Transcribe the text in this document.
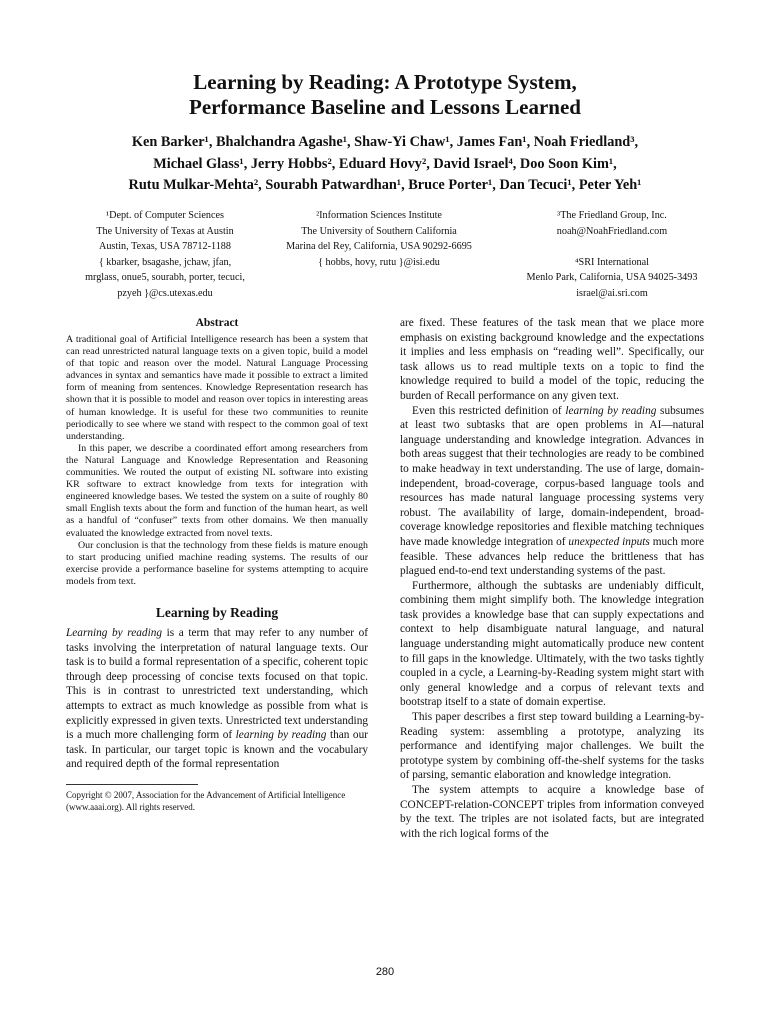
Learning by Reading: A Prototype System,
Performance Baseline and Lessons Learned
Ken Barker¹, Bhalchandra Agashe¹, Shaw-Yi Chaw¹, James Fan¹, Noah Friedland³,
Michael Glass¹, Jerry Hobbs², Eduard Hovy², David Israel⁴, Doo Soon Kim¹,
Rutu Mulkar-Mehta², Sourabh Patwardhan¹, Bruce Porter¹, Dan Tecuci¹, Peter Yeh¹
¹Dept. of Computer Sciences
The University of Texas at Austin
Austin, Texas, USA 78712-1188
{ kbarker, bsagashe, jchaw, jfan,
mrglass, onue5, sourabh, porter, tecuci,
pzyeh }@cs.utexas.edu
²Information Sciences Institute
The University of Southern California
Marina del Rey, California, USA 90292-6695
{ hobbs, hovy, rutu }@isi.edu
³The Friedland Group, Inc.
noah@NoahFriedland.com
⁴SRI International
Menlo Park, California, USA 94025-3493
israel@ai.sri.com
Abstract

A traditional goal of Artificial Intelligence research has been a system that can read unrestricted natural language texts on a given topic, build a model of that topic and reason over the model. Natural Language Processing advances in syntax and semantics have made it possible to extract a limited form of meaning from sentences. Knowledge Representation research has shown that it is possible to model and reason over topics in interesting areas of human knowledge. It is useful for these two communities to reunite periodically to see where we stand with respect to the common goal of text understanding.

In this paper, we describe a coordinated effort among researchers from the Natural Language and Knowledge Representation and Reasoning communities. We routed the output of existing NL software into existing KR software to extract knowledge from texts for integration with engineered knowledge bases. We tested the system on a suite of roughly 80 small English texts about the form and function of the human heart, as well as a handful of “confuser” texts from other domains. We then manually evaluated the knowledge extracted from novel texts.

Our conclusion is that the technology from these fields is mature enough to start producing unified machine reading systems. The results of our exercise provide a performance baseline for systems attempting to acquire models from text.

Learning by Reading

Learning by reading is a term that may refer to any number of tasks involving the interpretation of natural language texts. Our task is to build a formal representation of a specific, coherent topic through deep processing of concise texts focused on that topic. This is in contrast to unrestricted text understanding, which attempts to extract as much knowledge as possible from what is explicitly expressed in given texts. Unrestricted text understanding is a much more challenging form of learning by reading than our task. In particular, our target topic is known and the vocabulary and required depth of the formal representation

Copyright © 2007, Association for the Advancement of Artificial Intelligence (www.aaai.org). All rights reserved.

are fixed. These features of the task mean that we place more emphasis on existing background knowledge and the expectations it implies and less emphasis on “reading well”. Specifically, our task allows us to read multiple texts on a topic to find the knowledge required to build a model of the topic, reducing the burden of Recall performance on any given text.

Even this restricted definition of learning by reading subsumes at least two subtasks that are open problems in AI—natural language understanding and knowledge integration. Advances in both areas suggest that their technologies are ready to be combined to make headway in text understanding. The use of large, domain-independent, broad-coverage, corpus-based language tools and resources has made natural language processing systems very robust. The availability of large, domain-independent, broad-coverage knowledge repositories and flexible matching techniques have made knowledge integration of unexpected inputs much more feasible. These advances help reduce the brittleness that has plagued end-to-end text understanding systems of the past.

Furthermore, although the subtasks are undeniably difficult, combining them might simplify both. The knowledge integration task provides a knowledge base that can supply expectations and context to help disambiguate natural language, and natural language understanding might automatically produce new content to fill gaps in the knowledge. Ultimately, with the two tasks tightly coupled in a cycle, a Learning-by-Reading system might start with only general knowledge and a corpus of relevant texts and bootstrap itself to a state of domain expertise.

This paper describes a first step toward building a Learning-by-Reading system: assembling a prototype, analyzing its performance and identifying major challenges. We built the prototype system by combining off-the-shelf systems for the tasks of parsing, semantic elaboration and knowledge integration.

The system attempts to acquire a knowledge base of CONCEPT-relation-CONCEPT triples from information conveyed by the text. The triples are not isolated facts, but are integrated with the rich logical forms of the

280
